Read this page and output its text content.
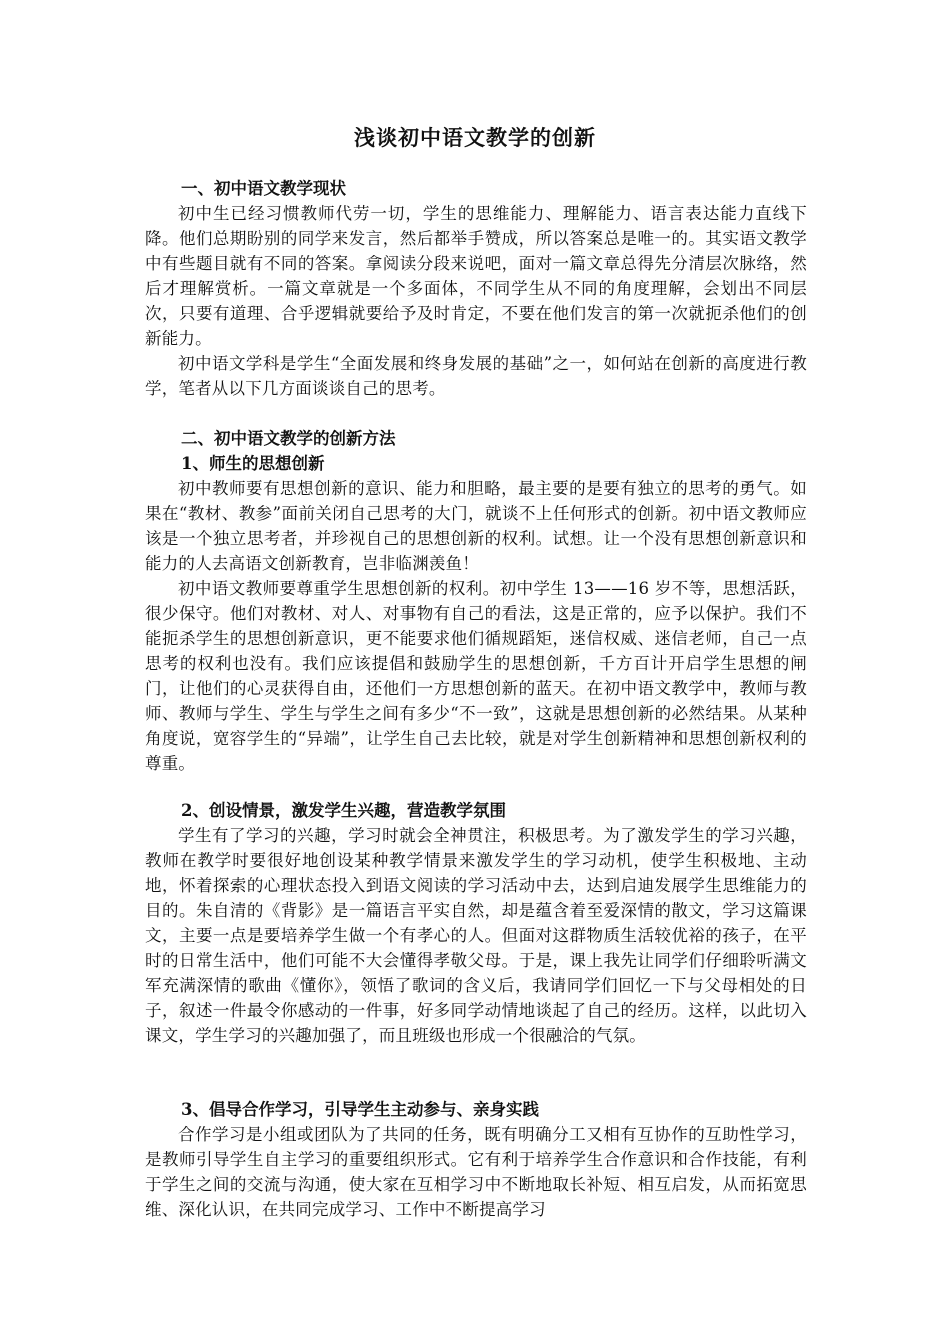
浅谈初中语文教学的创新
一、初中语文教学现状

初中生已经习惯教师代劳一切，学生的思维能力、理解能力、语言表达能力直线下降。他们总期盼别的同学来发言，然后都举手赞成，所以答案总是唯一的。其实语文教学中有些题目就有不同的答案。拿阅读分段来说吧，面对一篇文章总得先分清层次脉络，然后才理解赏析。一篇文章就是一个多面体，不同学生从不同的角度理解，会划出不同层次，只要有道理、合乎逻辑就要给予及时肯定，不要在他们发言的第一次就扼杀他们的创新能力。

初中语文学科是学生“全面发展和终身发展的基础”之一，如何站在创新的高度进行教学，笔者从以下几方面谈谈自己的思考。

二、初中语文教学的创新方法
1、师生的思想创新

初中教师要有思想创新的意识、能力和胆略，最主要的是要有独立的思考的勇气。如果在“教材、教参”面前关闭自己思考的大门，就谈不上任何形式的创新。初中语文教师应该是一个独立思考者，并珍视自己的思想创新的权利。试想。让一个没有思想创新意识和能力的人去高语文创新教育，岂非临渊羡鱼！

初中语文教师要尊重学生思想创新的权利。初中学生 13——16 岁不等，思想活跃，很少保守。他们对教材、对人、对事物有自己的看法，这是正常的，应予以保护。我们不能扼杀学生的思想创新意识，更不能要求他们循规蹈矩，迷信权威、迷信老师，自己一点思考的权利也没有。我们应该提倡和鼓励学生的思想创新，千方百计开启学生思想的闸门，让他们的心灵获得自由，还他们一方思想创新的蓝天。在初中语文教学中，教师与教师、教师与学生、学生与学生之间有多少“不一致”，这就是思想创新的必然结果。从某种角度说，宽容学生的“异端”，让学生自己去比较，就是对学生创新精神和思想创新权利的尊重。

2、创设情景，激发学生兴趣，营造教学氛围

学生有了学习的兴趣，学习时就会全神贯注，积极思考。为了激发学生的学习兴趣，教师在教学时要很好地创设某种教学情景来激发学生的学习动机，使学生积极地、主动地，怀着探索的心理状态投入到语文阅读的学习活动中去，达到启迪发展学生思维能力的目的。朱自清的《背影》是一篇语言平实自然，却是蕴含着至爱深情的散文，学习这篇课文，主要一点是要培养学生做一个有孝心的人。但面对这群物质生活较优裕的孩子，在平时的日常生活中，他们可能不大会懂得孝敬父母。于是，课上我先让同学们仔细聆听满文军充满深情的歌曲《懂你》，领悟了歌词的含义后，我请同学们回忆一下与父母相处的日子，叙述一件最令你感动的一件事，好多同学动情地谈起了自己的经历。这样，以此切入课文，学生学习的兴趣加强了，而且班级也形成一个很融洽的气氛。

3、倡导合作学习，引导学生主动参与、亲身实践

合作学习是小组或团队为了共同的任务，既有明确分工又相有互协作的互助性学习，是教师引导学生自主学习的重要组织形式。它有利于培养学生合作意识和合作技能，有利于学生之间的交流与沟通，使大家在互相学习中不断地取长补短、相互启发，从而拓宽思维、深化认识，在共同完成学习、工作中不断提高学习
